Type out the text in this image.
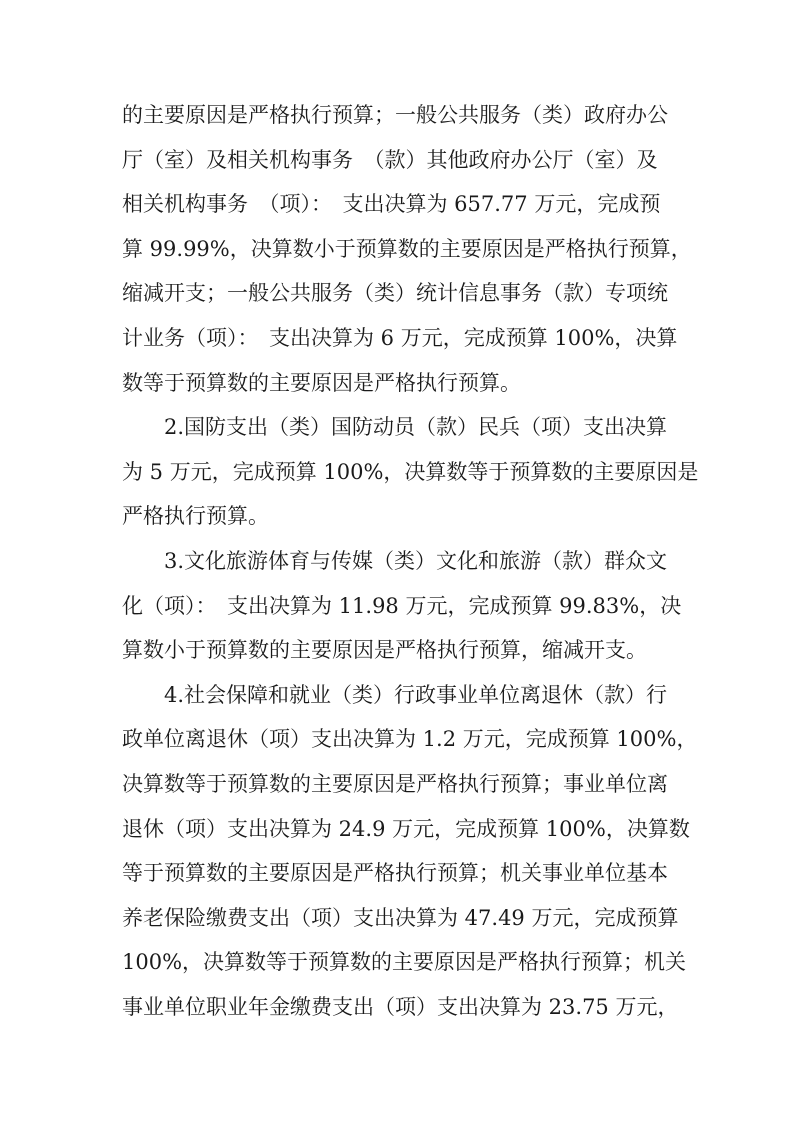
的主要原因是严格执行预算；一般公共服务（类）政府办公
厅（室）及相关机构事务　（款）其他政府办公厅（室）及
相关机构事务　（项）：　支出决算为 657.77 万元，完成预
算 99.99%，决算数小于预算数的主要原因是严格执行预算，
缩减开支；一般公共服务（类）统计信息事务（款）专项统
计业务（项）：　支出决算为 6 万元，完成预算 100%，决算
数等于预算数的主要原因是严格执行预算。
2.国防支出（类）国防动员（款）民兵（项）支出决算
为 5 万元，完成预算 100%，决算数等于预算数的主要原因是
严格执行预算。
3.文化旅游体育与传媒（类）文化和旅游（款）群众文
化（项）：　支出决算为 11.98 万元，完成预算 99.83%，决
算数小于预算数的主要原因是严格执行预算，缩减开支。
4.社会保障和就业（类）行政事业单位离退休（款）行
政单位离退休（项）支出决算为 1.2 万元，完成预算 100%，
决算数等于预算数的主要原因是严格执行预算；事业单位离
退休（项）支出决算为 24.9 万元，完成预算 100%，决算数
等于预算数的主要原因是严格执行预算；机关事业单位基本
养老保险缴费支出（项）支出决算为 47.49 万元，完成预算
100%，决算数等于预算数的主要原因是严格执行预算；机关
事业单位职业年金缴费支出（项）支出决算为 23.75 万元，
